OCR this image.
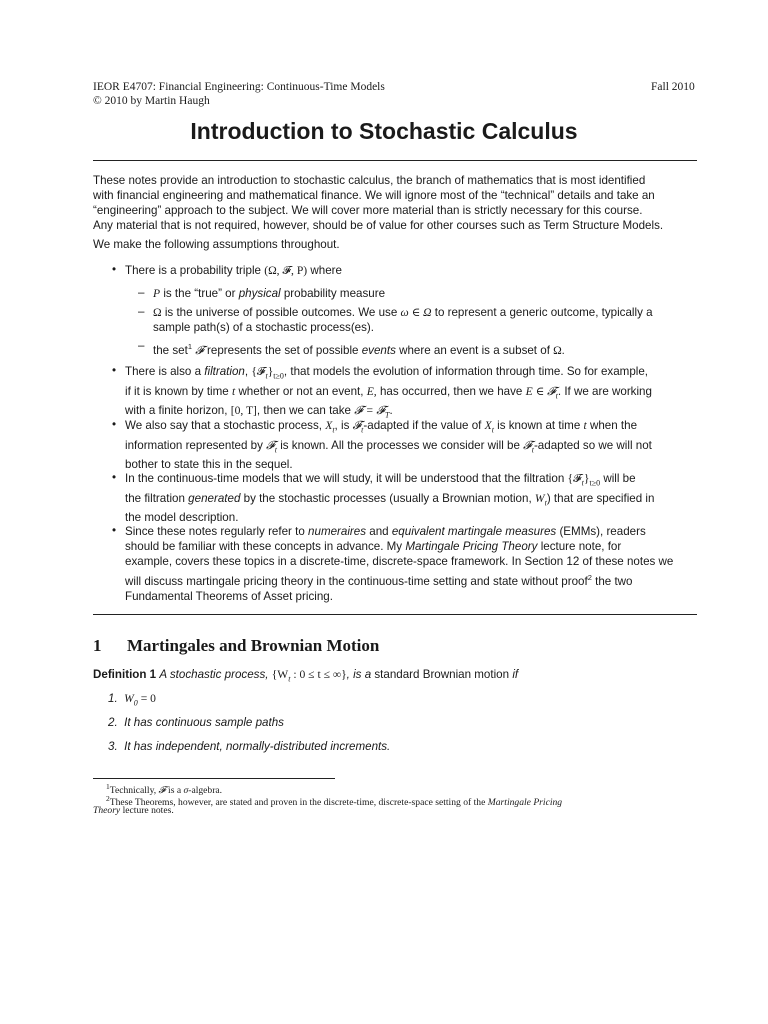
IEOR E4707: Financial Engineering: Continuous-Time Models
© 2010 by Martin Haugh
Fall 2010
Introduction to Stochastic Calculus
These notes provide an introduction to stochastic calculus, the branch of mathematics that is most identified
with financial engineering and mathematical finance. We will ignore most of the “technical” details and take an
“engineering” approach to the subject. We will cover more material than is strictly necessary for this course.
Any material that is not required, however, should be of value for other courses such as Term Structure Models.
We make the following assumptions throughout.
• There is a probability triple (Ω, 𝓕, P) where
– P is the “true” or physical probability measure
– Ω is the universe of possible outcomes. We use ω ∈ Ω to represent a generic outcome, typically a
sample path(s) of a stochastic process(es).
– the set$^1$ 𝓕 represents the set of possible events where an event is a subset of Ω.
• There is also a filtration, $\{𝓕_t\}_{t\ge 0}$, that models the evolution of information through time. So for example,
if it is known by time t whether or not an event, E, has occurred, then we have E ∈ 𝓕$_t$. If we are working
with a finite horizon, [0, T], then we can take 𝓕 = 𝓕$_T$.
• We also say that a stochastic process, $X_t$, is 𝓕$_t$-adapted if the value of $X_t$ is known at time t when the
information represented by 𝓕$_t$ is known. All the processes we consider will be 𝓕$_t$-adapted so we will not
bother to state this in the sequel.
• In the continuous-time models that we will study, it will be understood that the filtration $\{𝓕_t\}_{t\ge 0}$ will be
the filtration generated by the stochastic processes (usually a Brownian motion, $W_t$) that are specified in
the model description.
• Since these notes regularly refer to numeraires and equivalent martingale measures (EMMs), readers
should be familiar with these concepts in advance. My Martingale Pricing Theory lecture note, for
example, covers these topics in a discrete-time, discrete-space framework. In Section 12 of these notes we
will discuss martingale pricing theory in the continuous-time setting and state without proof$^2$ the two
Fundamental Theorems of Asset pricing.
1 Martingales and Brownian Motion
Definition 1 A stochastic process, {$W_t$ : 0 ≤ t ≤ ∞}, is a standard Brownian motion if
1. $W_0 = 0$
2. It has continuous sample paths
3. It has independent, normally-distributed increments.
$^1$Technically, 𝓕 is a σ-algebra.
$^2$These Theorems, however, are stated and proven in the discrete-time, discrete-space setting of the Martingale Pricing
Theory lecture notes.
